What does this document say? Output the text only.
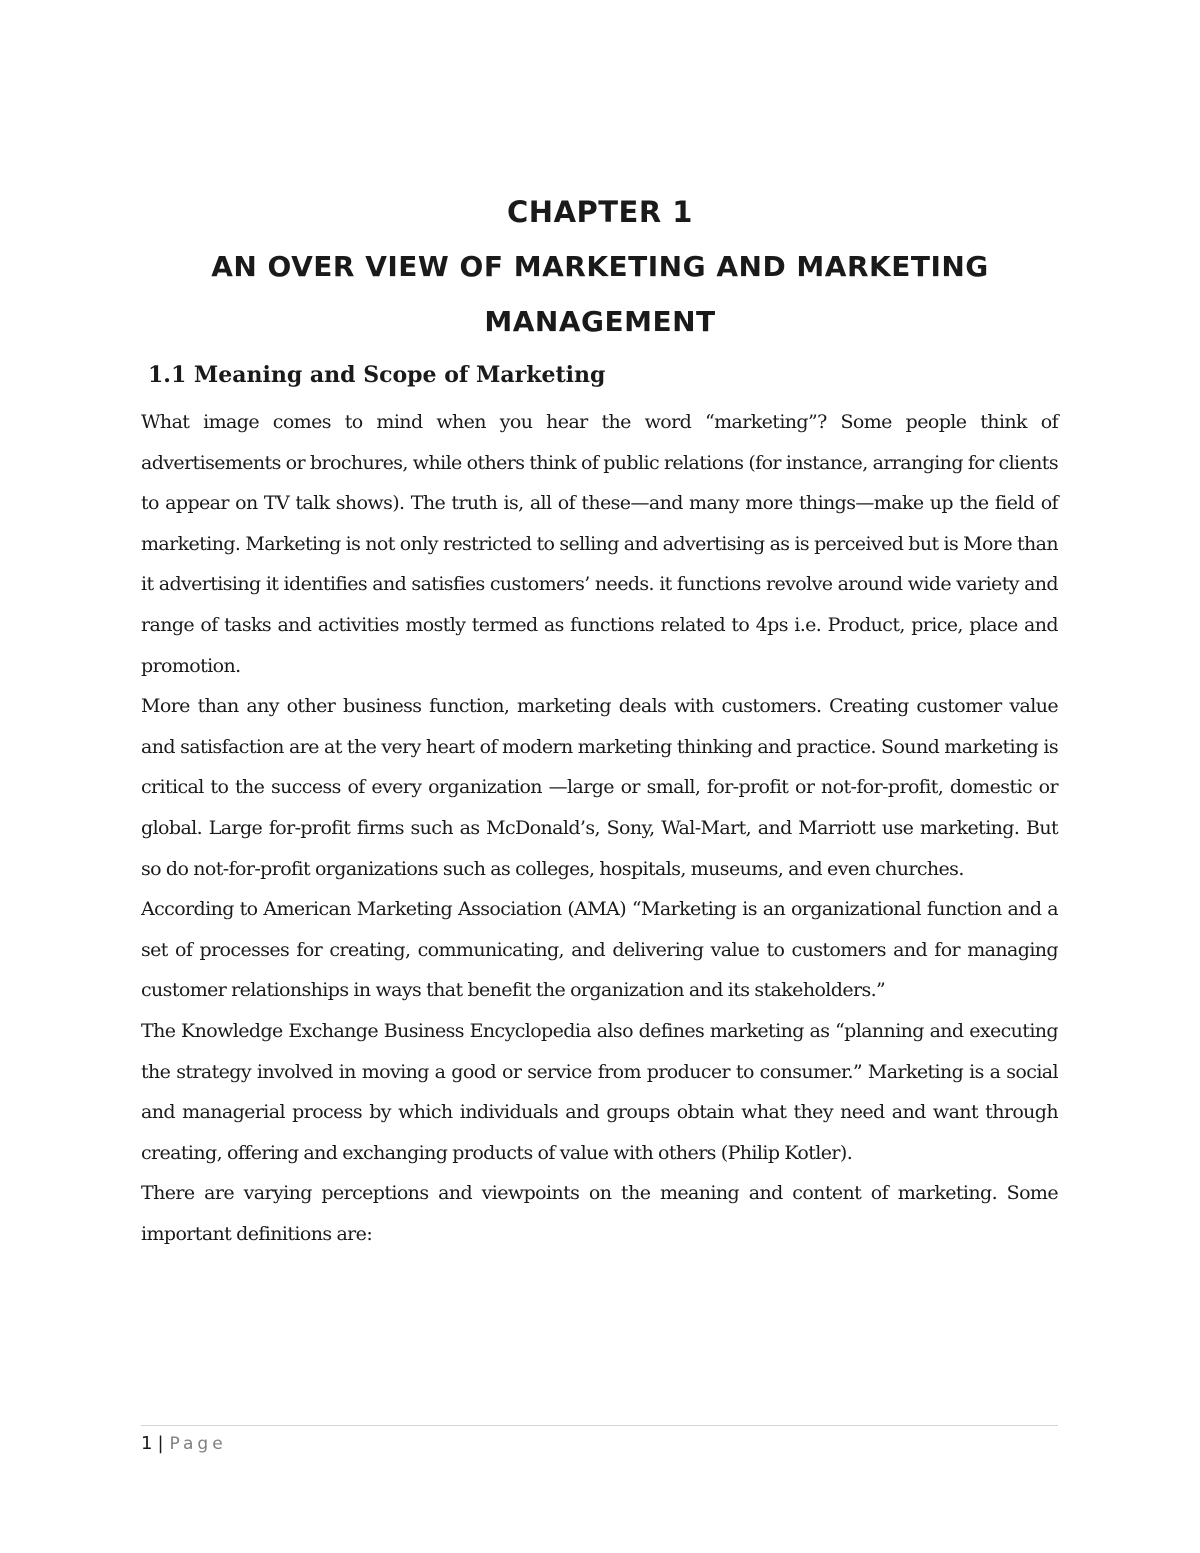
CHAPTER 1
AN OVER VIEW OF MARKETING AND MARKETING
MANAGEMENT
1.1 Meaning and Scope of Marketing

What image comes to mind when you hear the word “marketing”? Some people think of advertisements or brochures, while others think of public relations (for instance, arranging for clients to appear on TV talk shows). The truth is, all of these—and many more things—make up the field of marketing. Marketing is not only restricted to selling and advertising as is perceived but is More than it advertising it identifies and satisfies customers’ needs. it functions revolve around wide variety and range of tasks and activities mostly termed as functions related to 4ps i.e. Product, price, place and promotion.

More than any other business function, marketing deals with customers. Creating customer value and satisfaction are at the very heart of modern marketing thinking and practice. Sound marketing is critical to the success of every organization —large or small, for-profit or not-for-profit, domestic or global. Large for-profit firms such as McDonald’s, Sony, Wal-Mart, and Marriott use marketing. But so do not-for-profit organizations such as colleges, hospitals, museums, and even churches.

According to American Marketing Association (AMA) “Marketing is an organizational function and a set of processes for creating, communicating, and delivering value to customers and for managing customer relationships in ways that benefit the organization and its stakeholders.”

The Knowledge Exchange Business Encyclopedia also defines marketing as “planning and executing the strategy involved in moving a good or service from producer to consumer.” Marketing is a social and managerial process by which individuals and groups obtain what they need and want through creating, offering and exchanging products of value with others (Philip Kotler).

There are varying perceptions and viewpoints on the meaning and content of marketing. Some important definitions are:

1 | Page
